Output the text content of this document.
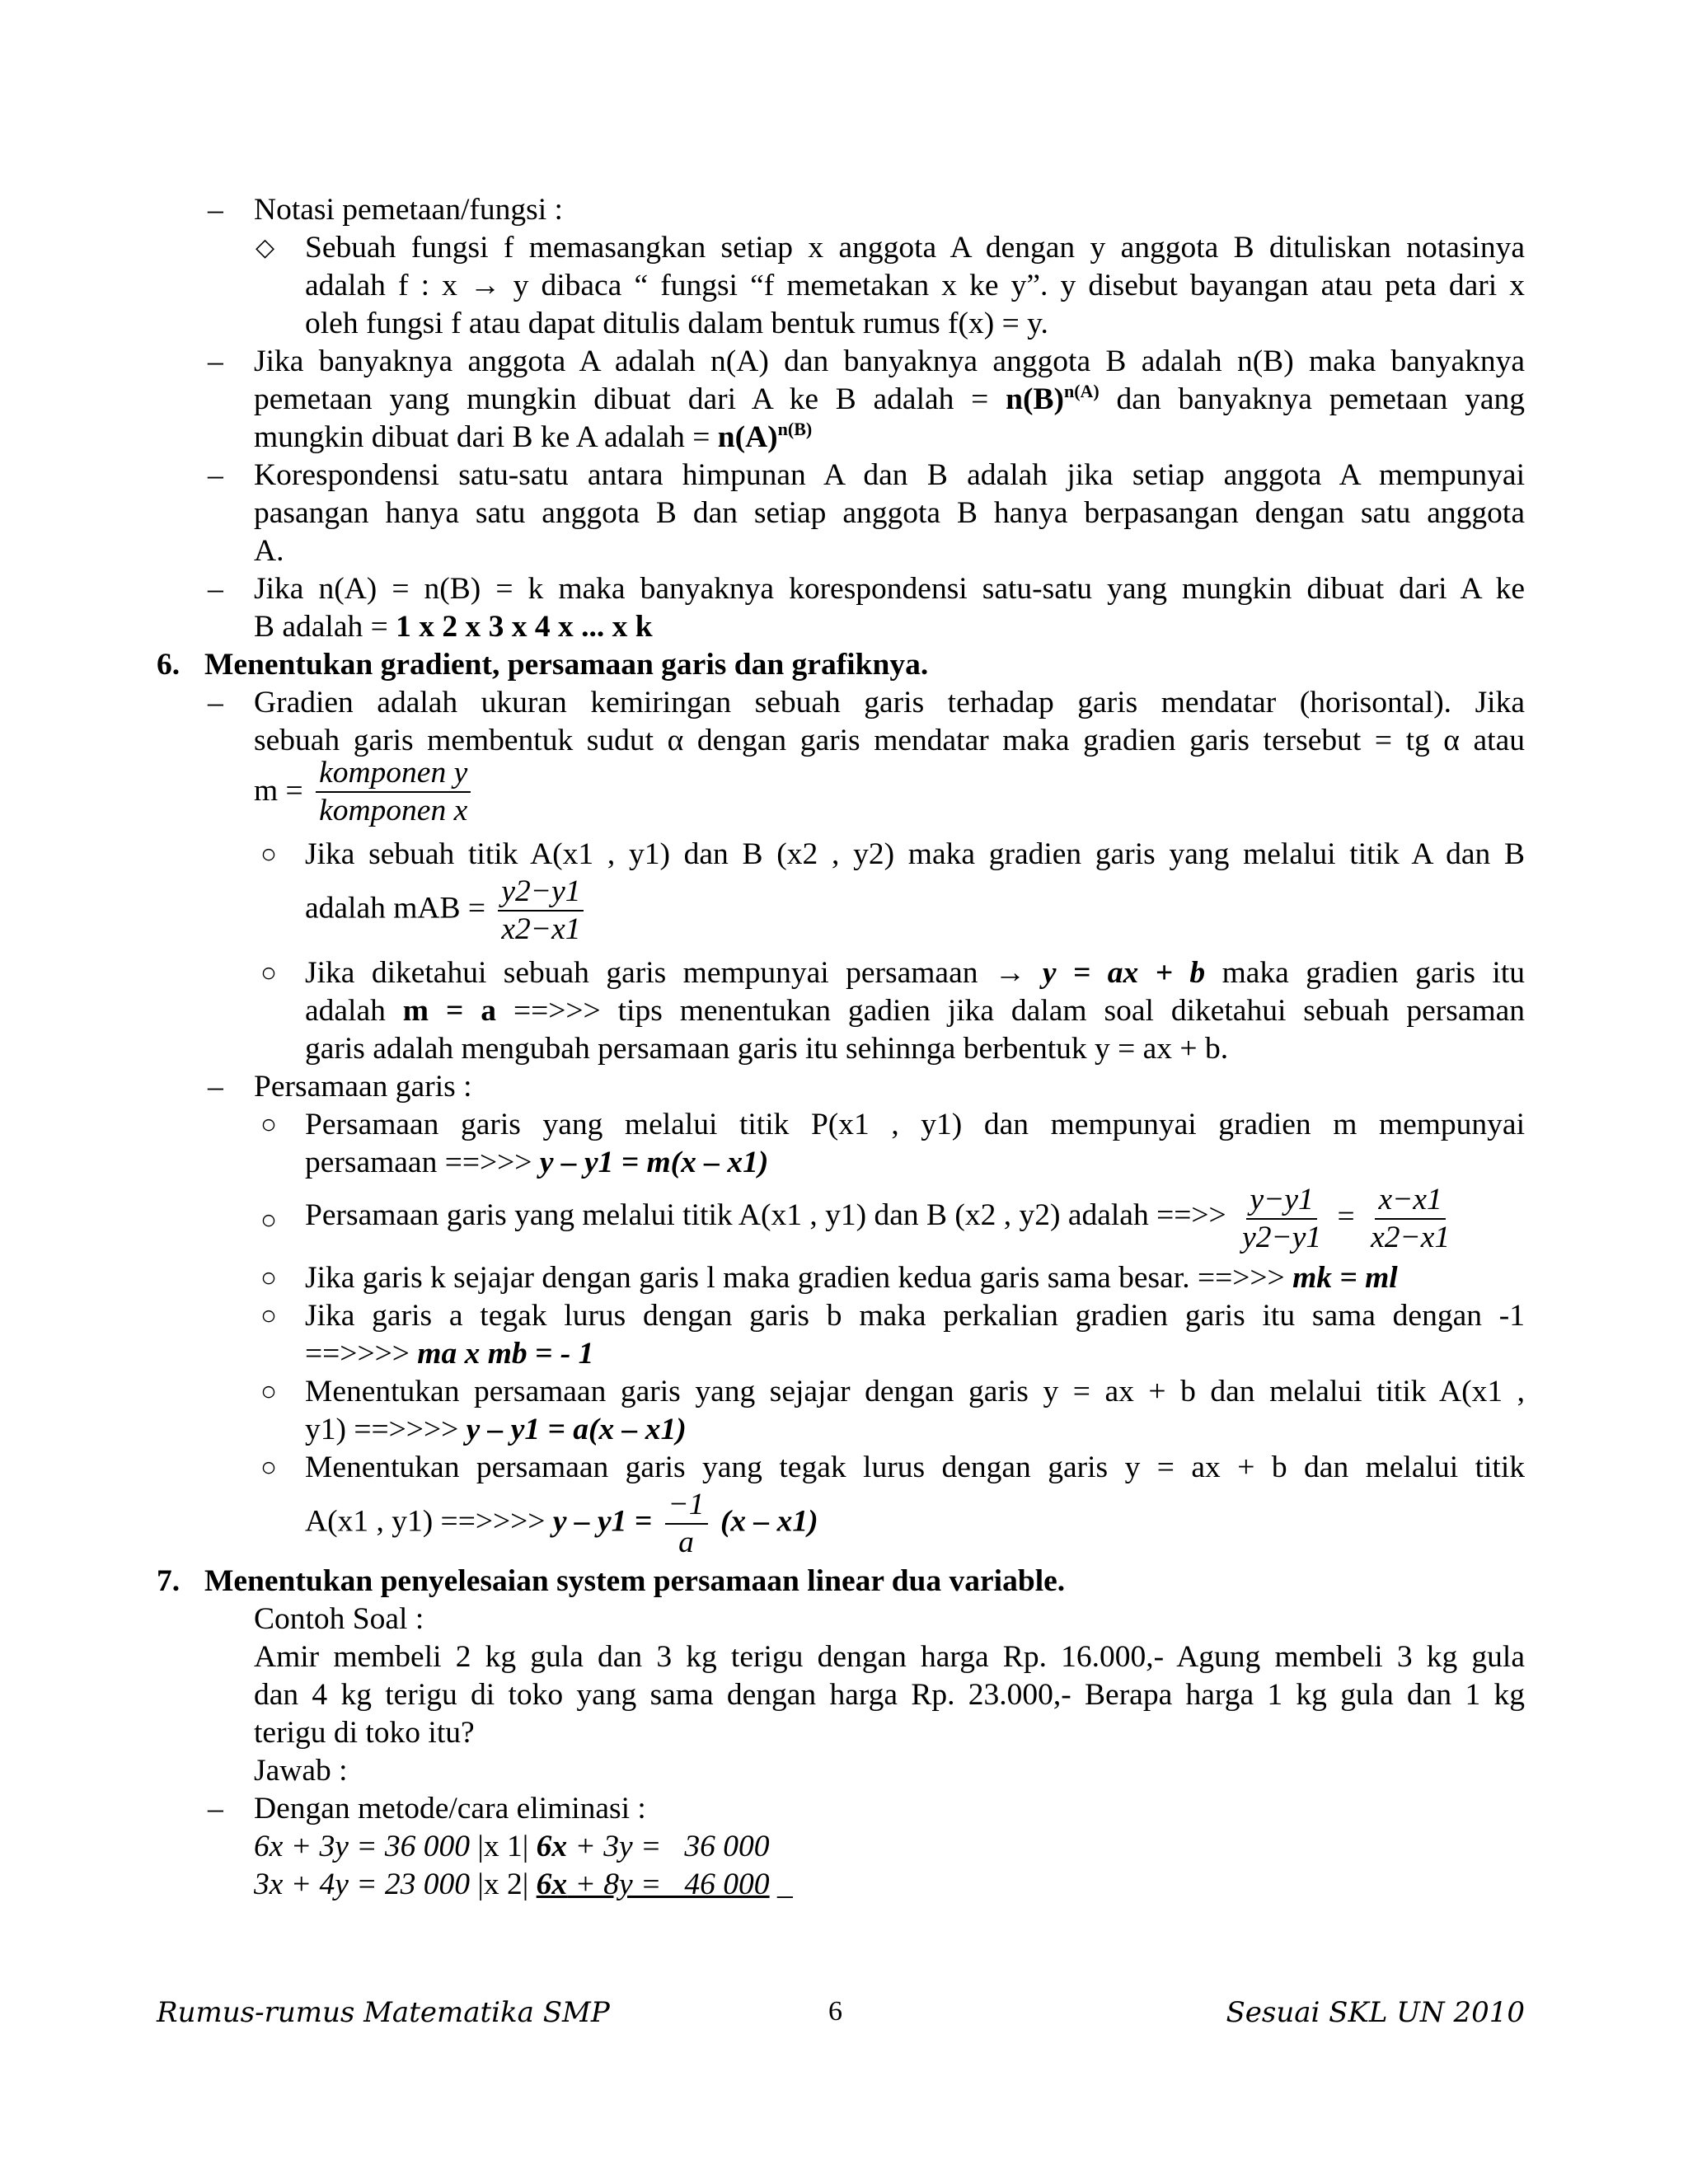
– Notasi pemetaan/fungsi :
◇ Sebuah fungsi f memasangkan setiap x anggota A dengan y anggota B dituliskan notasinya
adalah f : x → y dibaca “ fungsi “f memetakan x ke y”. y disebut bayangan atau peta dari x
oleh fungsi f atau dapat ditulis dalam bentuk rumus f(x) = y.
– Jika banyaknya anggota A adalah n(A) dan banyaknya anggota B adalah n(B) maka banyaknya
pemetaan yang mungkin dibuat dari A ke B adalah = $n(B)^{n(A)}$ dan banyaknya pemetaan yang
mungkin dibuat dari B ke A adalah = $n(A)^{n(B)}$
– Korespondensi satu-satu antara himpunan A dan B adalah jika setiap anggota A mempunyai
pasangan hanya satu anggota B dan setiap anggota B hanya berpasangan dengan satu anggota
A.
– Jika n(A) = n(B) = k maka banyaknya korespondensi satu-satu yang mungkin dibuat dari A ke
B adalah = 1 x 2 x 3 x 4 x ... x k
6. Menentukan gradient, persamaan garis dan grafiknya.
– Gradien adalah ukuran kemiringan sebuah garis terhadap garis mendatar (horisontal). Jika
sebuah garis membentuk sudut α dengan garis mendatar maka gradien garis tersebut = tg α atau
$m = \frac{\text{komponen y}}{\text{komponen x}}$
○ Jika sebuah titik A(x1 , y1) dan B (x2 , y2) maka gradien garis yang melalui titik A dan B
adalah mAB = $\frac{y2-y1}{x2-x1}$
○ Jika diketahui sebuah garis mempunyai persamaan → y = ax + b maka gradien garis itu
adalah m = a ==>>> tips menentukan gadien jika dalam soal diketahui sebuah persaman
garis adalah mengubah persamaan garis itu sehinnga berbentuk y = ax + b.
– Persamaan garis :
○ Persamaan garis yang melalui titik P(x1 , y1) dan mempunyai gradien m mempunyai
persamaan ==>>> y – y1 = m(x – x1)
○ Persamaan garis yang melalui titik A(x1 , y1) dan B (x2 , y2) adalah ==>> $\frac{y-y1}{y2-y1} = \frac{x-x1}{x2-x1}$
○ Jika garis k sejajar dengan garis l maka gradien kedua garis sama besar. ==>>> mk = ml
○ Jika garis a tegak lurus dengan garis b maka perkalian gradien garis itu sama dengan -1
==>>>> ma x mb = - 1
○ Menentukan persamaan garis yang sejajar dengan garis y = ax + b dan melalui titik A(x1 ,
y1) ==>>>> y – y1 = a(x – x1)
○ Menentukan persamaan garis yang tegak lurus dengan garis y = ax + b dan melalui titik
A(x1 , y1) ==>>>> $y - y1 = \frac{-1}{a} (x - x1)$
7. Menentukan penyelesaian system persamaan linear dua variable.
Contoh Soal :
Amir membeli 2 kg gula dan 3 kg terigu dengan harga Rp. 16.000,- Agung membeli 3 kg gula
dan 4 kg terigu di toko yang sama dengan harga Rp. 23.000,- Berapa harga 1 kg gula dan 1 kg
terigu di toko itu?
Jawab :
– Dengan metode/cara eliminasi :
6x + 3y = 36 000 |x 1| 6x + 3y =   36 000
3x + 4y = 23 000 |x 2| 6x + 8y =   46 000 _
Rumus-rumus Matematika SMP	6	Sesuai SKL UN 2010
